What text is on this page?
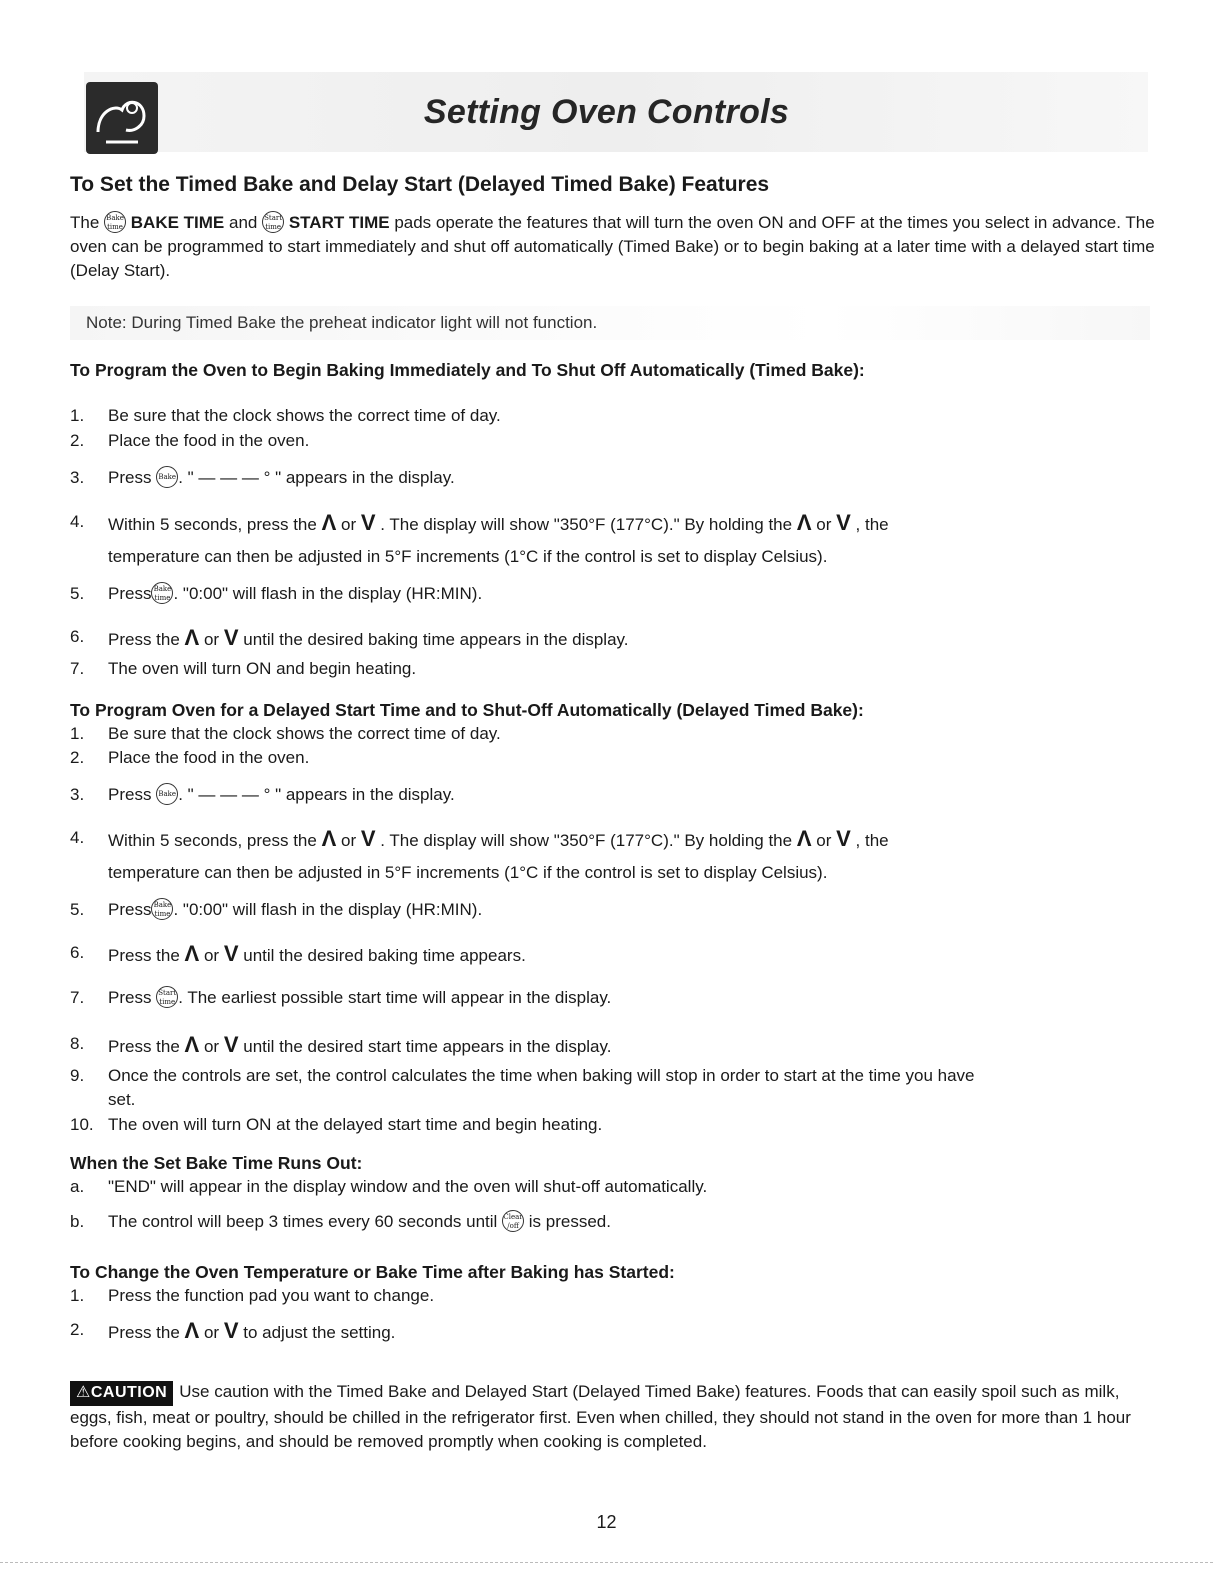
Setting Oven Controls
To Set the Timed Bake and Delay Start (Delayed Timed Bake) Features
The Bake
time BAKE TIME and Start
time START TIME pads operate the features that will turn the oven ON and OFF at the times you select in advance. The oven can be programmed to start immediately and shut off automatically (Timed Bake) or to begin baking at a later time with a delayed start time (Delay Start).
Note: During Timed Bake the preheat indicator light will not function.
To Program the Oven to Begin Baking Immediately and To Shut Off Automatically (Timed Bake):
1.	Be sure that the clock shows the correct time of day.
2.	Place the food in the oven.
3.	Press Bake . " — — — ° " appears in the display.
4.	Within 5 seconds, press the Λ or V . The display will show "350°F (177°C)." By holding the Λ or V , the
temperature can then be adjusted in 5°F increments (1°C if the control is set to display Celsius).
5.	Press Bake
time . "0:00" will flash in the display (HR:MIN).
6.	Press the Λ or V until the desired baking time appears in the display.
7.	The oven will turn ON and begin heating.
To Program Oven for a Delayed Start Time and to Shut-Off Automatically (Delayed Timed Bake):
1.	Be sure that the clock shows the correct time of day.
2.	Place the food in the oven.
3.	Press Bake . " — — — ° " appears in the display.
4.	Within 5 seconds, press the Λ or V . The display will show "350°F (177°C)." By holding the Λ or V , the
temperature can then be adjusted in 5°F increments (1°C if the control is set to display Celsius).
5.	Press Bake
time . "0:00" will flash in the display (HR:MIN).
6.	Press the Λ or V until the desired baking time appears.
7.	Press Start
time . The earliest possible start time will appear in the display.
8.	Press the Λ or V until the desired start time appears in the display.
9.	Once the controls are set, the control calculates the time when baking will stop in order to start at the time you have
set.
10. The oven will turn ON at the delayed start time and begin heating.
When the Set Bake Time Runs Out:
a.	"END" will appear in the display window and the oven will shut-off automatically.
b.	The control will beep 3 times every 60 seconds until Clear
/off is pressed.
To Change the Oven Temperature or Bake Time after Baking has Started:
1.	Press the function pad you want to change.
2.	Press the Λ or V to adjust the setting.
⚠CAUTION Use caution with the Timed Bake and Delayed Start (Delayed Timed Bake) features. Foods that can easily spoil such as milk, eggs, fish, meat or poultry, should be chilled in the refrigerator first. Even when chilled, they should not stand in the oven for more than 1 hour before cooking begins, and should be removed promptly when cooking is completed.
12
